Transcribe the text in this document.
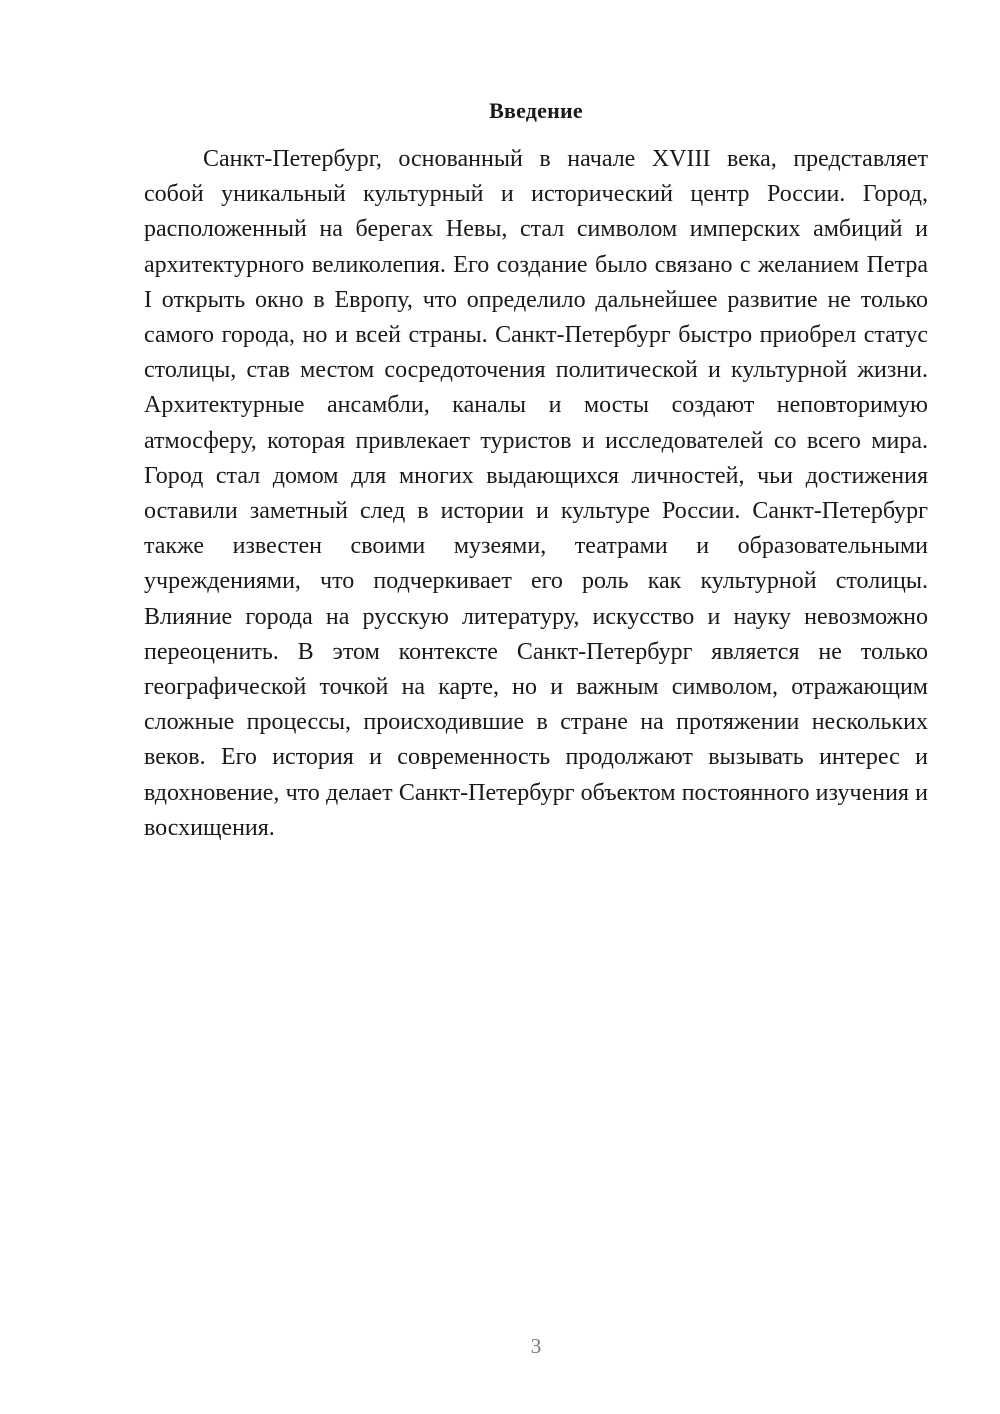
Введение

Санкт-Петербург, основанный в начале XVIII века, представляет собой уникальный культурный и исторический центр России. Город, расположенный на берегах Невы, стал символом имперских амбиций и архитектурного великолепия. Его создание было связано с желанием Петра I открыть окно в Европу, что определило дальнейшее развитие не только самого города, но и всей страны. Санкт-Петербург быстро приобрел статус столицы, став местом сосредоточения политической и культурной жизни. Архитектурные ансамбли, каналы и мосты создают неповторимую атмосферу, которая привлекает туристов и исследователей со всего мира. Город стал домом для многих выдающихся личностей, чьи достижения оставили заметный след в истории и культуре России. Санкт-Петербург также известен своими музеями, театрами и образовательными учреждениями, что подчеркивает его роль как культурной столицы. Влияние города на русскую литературу, искусство и науку невозможно переоценить. В этом контексте Санкт-Петербург является не только географической точкой на карте, но и важным символом, отражающим сложные процессы, происходившие в стране на протяжении нескольких веков. Его история и современность продолжают вызывать интерес и вдохновение, что делает Санкт-Петербург объектом постоянного изучения и восхищения.

3
